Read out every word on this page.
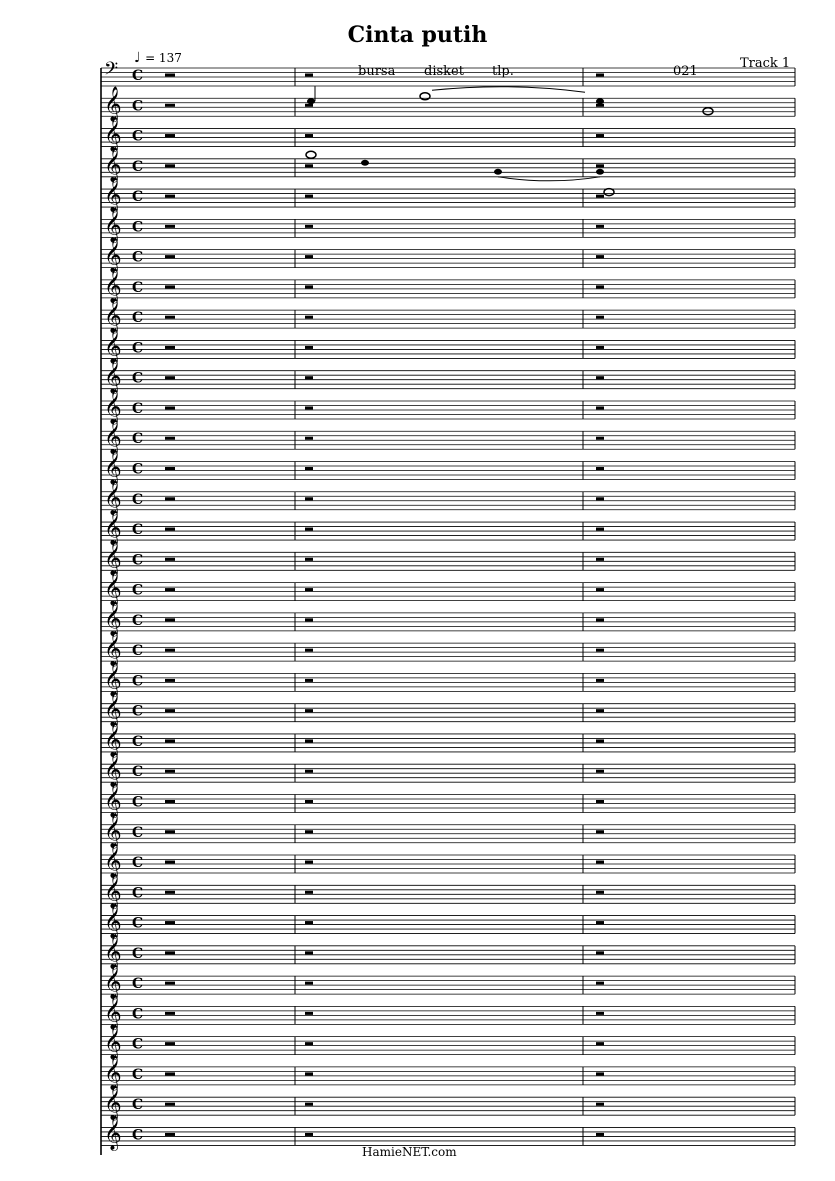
Cinta putih
♩ = 137	Track 1
bursa disket tlp.	021
𝄢 C
𝄞 C
𝄞 C
𝄞 C
𝄞 C
𝄞 C
𝄞 C
𝄞 C
𝄞 C
𝄞 C
𝄞 C
𝄞 C
𝄞 C
𝄞 C
𝄞 C
𝄞 C
𝄞 C
𝄞 C
𝄞 C
𝄞 C
𝄞 C
𝄞 C
𝄞 C
𝄞 C
𝄞 C
𝄞 C
𝄞 C
𝄞 C
𝄞 C
𝄞 C
𝄞 C
𝄞 C
𝄞 C
𝄞 C
𝄞 C
𝄞 C
HamieNET.com
